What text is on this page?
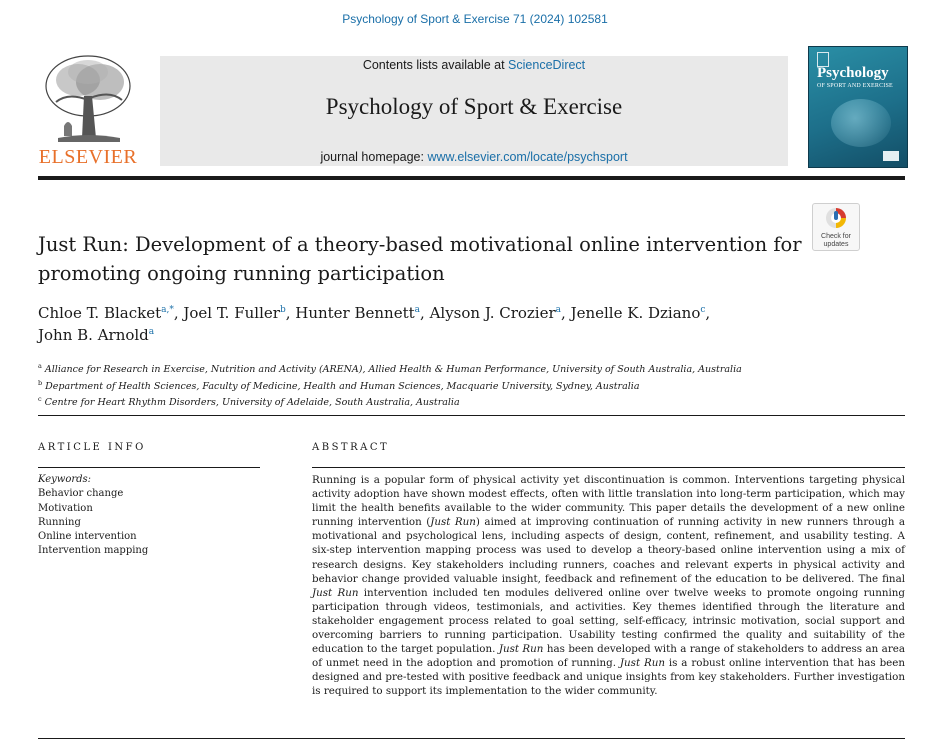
Psychology of Sport & Exercise 71 (2024) 102581
ELSEVIER
Contents lists available at ScienceDirect
Psychology of Sport & Exercise
journal homepage: www.elsevier.com/locate/psychsport
Psychology
OF SPORT AND EXERCISE
Just Run: Development of a theory-based motivational online intervention for promoting ongoing running participation
Check for
updates
Chloe T. Blacket$^{a,*}$, Joel T. Fuller$^b$, Hunter Bennett$^a$, Alyson J. Crozier$^a$, Jenelle K. Dziano$^c$,
John B. Arnold$^a$
$^a$ Alliance for Research in Exercise, Nutrition and Activity (ARENA), Allied Health & Human Performance, University of South Australia, Australia
$^b$ Department of Health Sciences, Faculty of Medicine, Health and Human Sciences, Macquarie University, Sydney, Australia
$^c$ Centre for Heart Rhythm Disorders, University of Adelaide, South Australia, Australia
ARTICLE INFO	ABSTRACT
Keywords:
Behavior change
Motivation
Running
Online intervention
Intervention mapping
Running is a popular form of physical activity yet discontinuation is common. Interventions targeting physical activity adoption have shown modest effects, often with little translation into long-term participation, which may limit the health benefits available to the wider community. This paper details the development of a new online running intervention (Just Run) aimed at improving continuation of running activity in new runners through a motivational and psychological lens, including aspects of design, content, refinement, and usability testing. A six-step intervention mapping process was used to develop a theory-based online intervention using a mix of research designs. Key stakeholders including runners, coaches and relevant experts in physical activity and behavior change provided valuable insight, feedback and refinement of the education to be delivered. The final Just Run intervention included ten modules delivered online over twelve weeks to promote ongoing running participation through videos, testimonials, and activities. Key themes identified through the literature and stakeholder engagement process related to goal setting, self-efficacy, intrinsic motivation, social support and overcoming barriers to running participation. Usability testing confirmed the quality and suitability of the education to the target population. Just Run has been developed with a range of stakeholders to address an area of unmet need in the adoption and promotion of running. Just Run is a robust online intervention that has been designed and pre-tested with positive feedback and unique insights from key stakeholders. Further investigation is required to support its implementation to the wider community.
